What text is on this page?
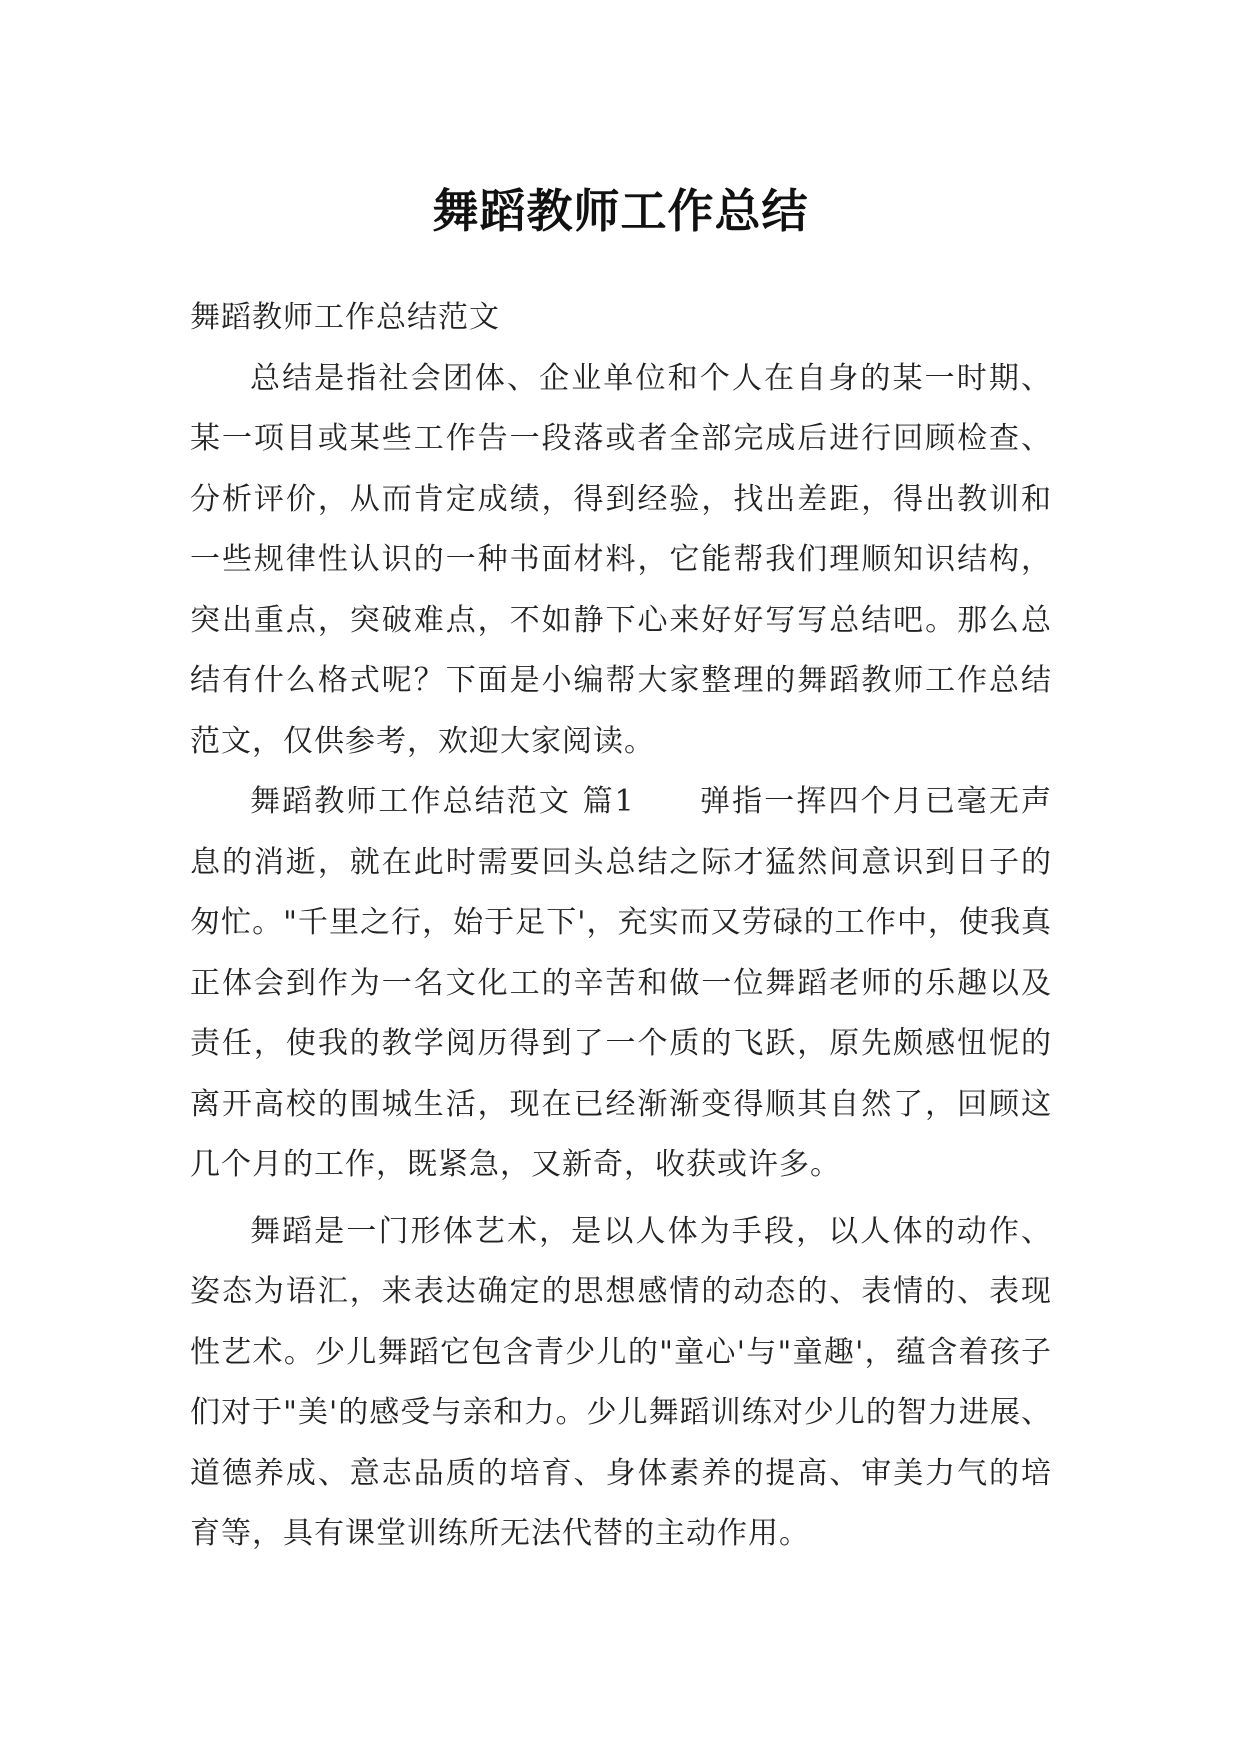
舞蹈教师工作总结

舞蹈教师工作总结范文

总结是指社会团体、企业单位和个人在自身的某一时期、某一项目或某些工作告一段落或者全部完成后进行回顾检查、分析评价，从而肯定成绩，得到经验，找出差距，得出教训和一些规律性认识的一种书面材料，它能帮我们理顺知识结构，突出重点，突破难点，不如静下心来好好写写总结吧。那么总结有什么格式呢？下面是小编帮大家整理的舞蹈教师工作总结范文，仅供参考，欢迎大家阅读。

舞蹈教师工作总结范文 篇1　　弹指一挥四个月已毫无声息的消逝，就在此时需要回头总结之际才猛然间意识到日子的匆忙。"千里之行，始于足下'，充实而又劳碌的工作中，使我真正体会到作为一名文化工的辛苦和做一位舞蹈老师的乐趣以及责任，使我的教学阅历得到了一个质的飞跃，原先颇感忸怩的离开高校的围城生活，现在已经渐渐变得顺其自然了，回顾这几个月的工作，既紧急，又新奇，收获或许多。

舞蹈是一门形体艺术，是以人体为手段，以人体的动作、姿态为语汇，来表达确定的思想感情的动态的、表情的、表现性艺术。少儿舞蹈它包含青少儿的"童心'与"童趣'，蕴含着孩子们对于"美'的感受与亲和力。少儿舞蹈训练对少儿的智力进展、道德养成、意志品质的培育、身体素养的提高、审美力气的培育等，具有课堂训练所无法代替的主动作用。
